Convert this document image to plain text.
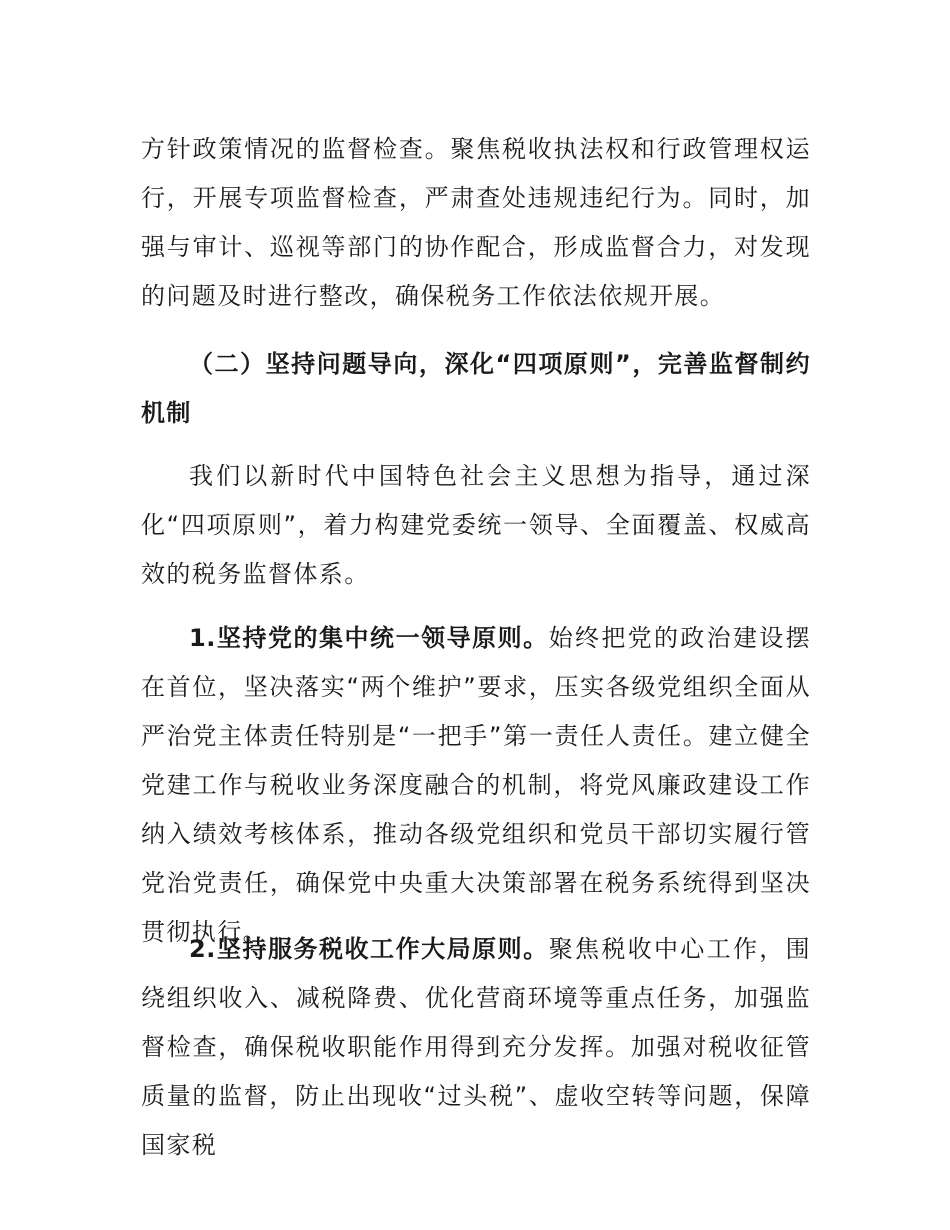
方针政策情况的监督检查。聚焦税收执法权和行政管理权运行，开展专项监督检查，严肃查处违规违纪行为。同时，加强与审计、巡视等部门的协作配合，形成监督合力，对发现的问题及时进行整改，确保税务工作依法依规开展。

（二）坚持问题导向，深化“四项原则”，完善监督制约机制

我们以新时代中国特色社会主义思想为指导，通过深化“四项原则”，着力构建党委统一领导、全面覆盖、权威高效的税务监督体系。

1.坚持党的集中统一领导原则。始终把党的政治建设摆在首位，坚决落实“两个维护”要求，压实各级党组织全面从严治党主体责任特别是“一把手”第一责任人责任。建立健全党建工作与税收业务深度融合的机制，将党风廉政建设工作纳入绩效考核体系，推动各级党组织和党员干部切实履行管党治党责任，确保党中央重大决策部署在税务系统得到坚决贯彻执行。

2.坚持服务税收工作大局原则。聚焦税收中心工作，围绕组织收入、减税降费、优化营商环境等重点任务，加强监督检查，确保税收职能作用得到充分发挥。加强对税收征管质量的监督，防止出现收“过头税”、虚收空转等问题，保障国家税
